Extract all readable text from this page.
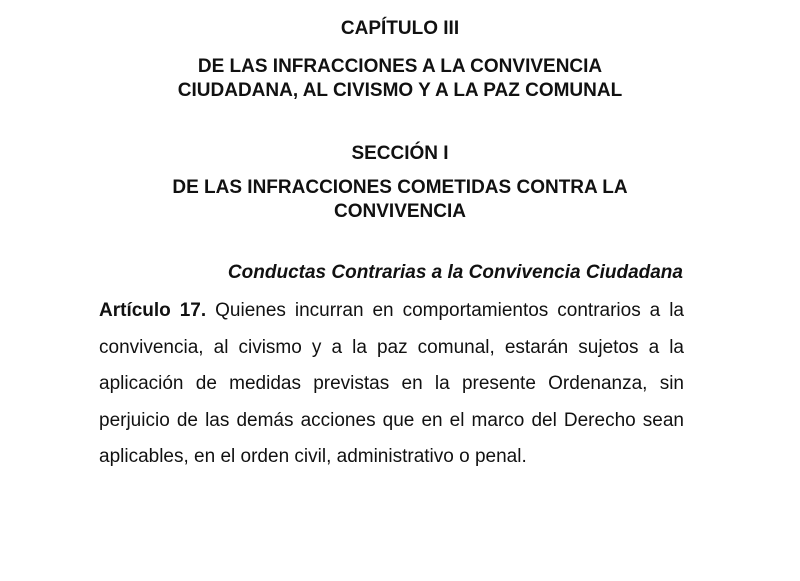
CAPÍTULO III
DE LAS INFRACCIONES A LA CONVIVENCIA
CIUDADANA, AL CIVISMO Y A LA PAZ COMUNAL
SECCIÓN I
DE LAS INFRACCIONES COMETIDAS CONTRA LA
CONVIVENCIA
Conductas Contrarias a la Convivencia Ciudadana

Artículo 17. Quienes incurran en comportamientos contrarios a la convivencia, al civismo y a la paz comunal, estarán sujetos a la aplicación de medidas previstas en la presente Ordenanza, sin perjuicio de las demás acciones que en el marco del Derecho sean aplicables, en el orden civil, administrativo o penal.
